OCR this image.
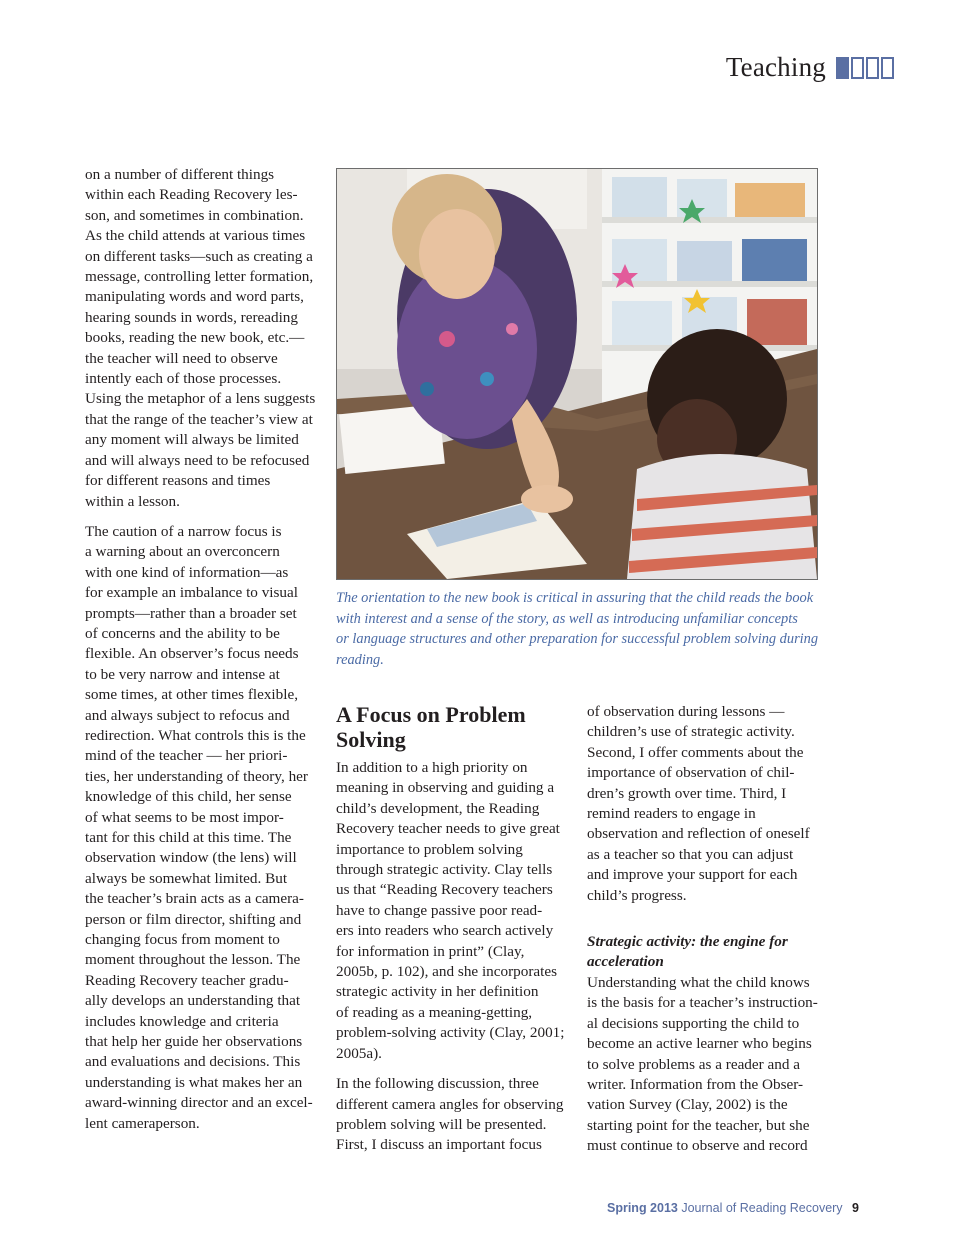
Teaching

on a number of different things
within each Reading Recovery les-
son, and sometimes in combination.
As the child attends at various times
on different tasks—such as creating a
message, controlling letter formation,
manipulating words and word parts,
hearing sounds in words, rereading
books, reading the new book, etc.—
the teacher will need to observe
intently each of those processes.
Using the metaphor of a lens suggests
that the range of the teacher’s view at
any moment will always be limited
and will always need to be refocused
for different reasons and times
within a lesson.

The caution of a narrow focus is
a warning about an overconcern
with one kind of information—as
for example an imbalance to visual
prompts—rather than a broader set
of concerns and the ability to be
flexible. An observer’s focus needs
to be very narrow and intense at
some times, at other times flexible,
and always subject to refocus and
redirection. What controls this is the
mind of the teacher — her priori-
ties, her understanding of theory, her
knowledge of this child, her sense
of what seems to be most impor-
tant for this child at this time. The
observation window (the lens) will
always be somewhat limited. But
the teacher’s brain acts as a camera-
person or film director, shifting and
changing focus from moment to
moment throughout the lesson. The
Reading Recovery teacher gradu-
ally develops an understanding that
includes knowledge and criteria
that help her guide her observations
and evaluations and decisions. This
understanding is what makes her an
award-winning director and an excel-
lent cameraperson.

The orientation to the new book is critical in assuring that the child reads the book
with interest and a sense of the story, as well as introducing unfamiliar concepts
or language structures and other preparation for successful problem solving during
reading.
A Focus on Problem
Solving

In addition to a high priority on
meaning in observing and guiding a
child’s development, the Reading
Recovery teacher needs to give great
importance to problem solving
through strategic activity. Clay tells
us that “Reading Recovery teachers
have to change passive poor read-
ers into readers who search actively
for information in print” (Clay,
2005b, p. 102), and she incorporates
strategic activity in her definition
of reading as a meaning-getting,
problem-solving activity (Clay, 2001;
2005a).

In the following discussion, three
different camera angles for observing
problem solving will be presented.
First, I discuss an important focus

of observation during lessons —
children’s use of strategic activity.
Second, I offer comments about the
importance of observation of chil-
dren’s growth over time. Third, I
remind readers to engage in
observation and reflection of oneself
as a teacher so that you can adjust
and improve your support for each
child’s progress.

Strategic activity: the engine for
acceleration

Understanding what the child knows
is the basis for a teacher’s instruction-
al decisions supporting the child to
become an active learner who begins
to solve problems as a reader and a
writer. Information from the Obser-
vation Survey (Clay, 2002) is the
starting point for the teacher, but she
must continue to observe and record

Spring 2013 Journal of Reading Recovery 9
